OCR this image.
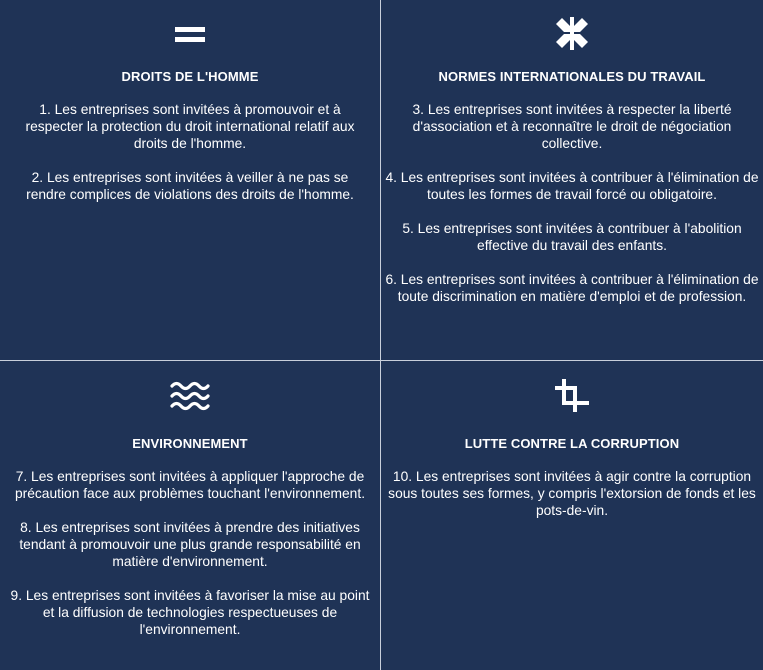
DROITS DE L'HOMME

1. Les entreprises sont invitées à promouvoir et à respecter la protection du droit international relatif aux droits de l'homme.

2. Les entreprises sont invitées à veiller à ne pas se rendre complices de violations des droits de l'homme.

NORMES INTERNATIONALES DU TRAVAIL

3. Les entreprises sont invitées à respecter la liberté d'association et à reconnaître le droit de négociation collective.

4. Les entreprises sont invitées à contribuer à l'élimination de toutes les formes de travail forcé ou obligatoire.

5. Les entreprises sont invitées à contribuer à l'abolition effective du travail des enfants.

6. Les entreprises sont invitées à contribuer à l'élimination de toute discrimination en matière d'emploi et de profession.

ENVIRONNEMENT

7. Les entreprises sont invitées à appliquer l'approche de précaution face aux problèmes touchant l'environnement.

8. Les entreprises sont invitées à prendre des initiatives tendant à promouvoir une plus grande responsabilité en matière d'environnement.

9. Les entreprises sont invitées à favoriser la mise au point et la diffusion de technologies respectueuses de l'environnement.

LUTTE CONTRE LA CORRUPTION

10. Les entreprises sont invitées à agir contre la corruption sous toutes ses formes, y compris l'extorsion de fonds et les pots-de-vin.
